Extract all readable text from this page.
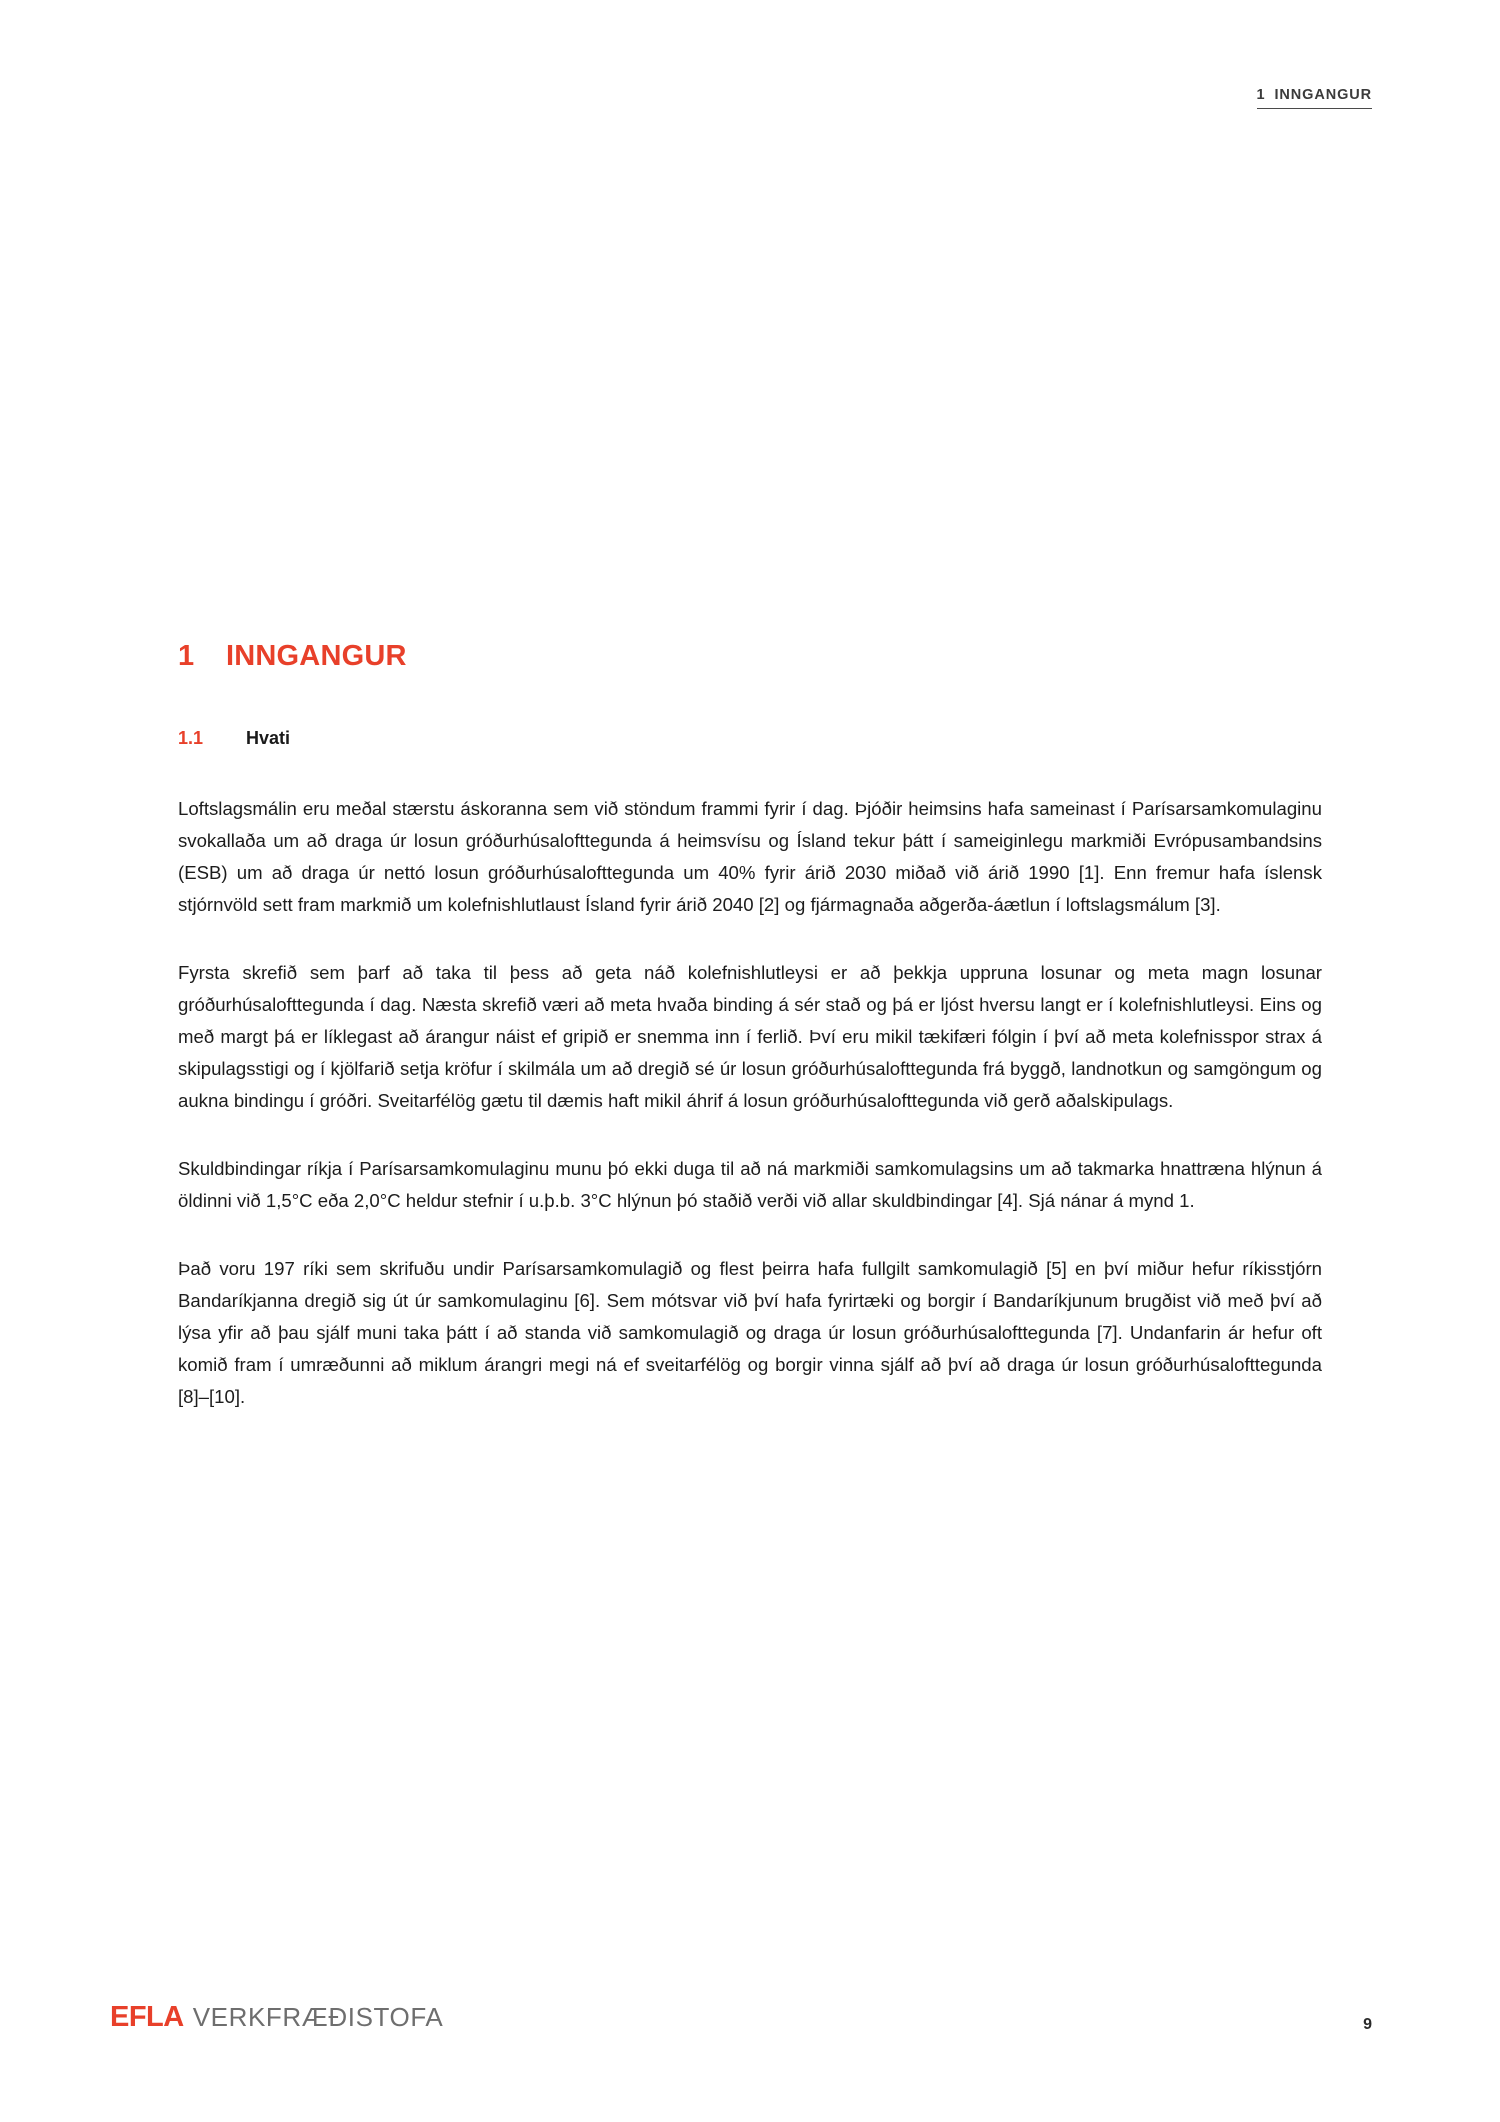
1 INNGANGUR
1	INNGANGUR
1.1	Hvati

Loftslagsmálin eru meðal stærstu áskoranna sem við stöndum frammi fyrir í dag. Þjóðir heimsins hafa sameinast í Parísarsamkomulaginu svokallaða um að draga úr losun gróðurhúsalofttegunda á heimsvísu og Ísland tekur þátt í sameiginlegu markmiði Evrópusambandsins (ESB) um að draga úr nettó losun gróðurhúsalofttegunda um 40% fyrir árið 2030 miðað við árið 1990 [1]. Enn fremur hafa íslensk stjórnvöld sett fram markmið um kolefnishlutlaust Ísland fyrir árið 2040 [2] og fjármagnaða aðgerða-áætlun í loftslagsmálum [3].

Fyrsta skrefið sem þarf að taka til þess að geta náð kolefnishlutleysi er að þekkja uppruna losunar og meta magn losunar gróðurhúsalofttegunda í dag. Næsta skrefið væri að meta hvaða binding á sér stað og þá er ljóst hversu langt er í kolefnishlutleysi. Eins og með margt þá er líklegast að árangur náist ef gripið er snemma inn í ferlið. Því eru mikil tækifæri fólgin í því að meta kolefnisspor strax á skipulagsstigi og í kjölfarið setja kröfur í skilmála um að dregið sé úr losun gróðurhúsalofttegunda frá byggð, landnotkun og samgöngum og aukna bindingu í gróðri. Sveitarfélög gætu til dæmis haft mikil áhrif á losun gróðurhúsalofttegunda við gerð aðalskipulags.

Skuldbindingar ríkja í Parísarsamkomulaginu munu þó ekki duga til að ná markmiði samkomulagsins um að takmarka hnattræna hlýnun á öldinni við 1,5°C eða 2,0°C heldur stefnir í u.þ.b. 3°C hlýnun þó staðið verði við allar skuldbindingar [4]. Sjá nánar á mynd 1.

Það voru 197 ríki sem skrifuðu undir Parísarsamkomulagið og flest þeirra hafa fullgilt samkomulagið [5] en því miður hefur ríkisstjórn Bandaríkjanna dregið sig út úr samkomulaginu [6]. Sem mótsvar við því hafa fyrirtæki og borgir í Bandaríkjunum brugðist við með því að lýsa yfir að þau sjálf muni taka þátt í að standa við samkomulagið og draga úr losun gróðurhúsalofttegunda [7]. Undanfarin ár hefur oft komið fram í umræðunni að miklum árangri megi ná ef sveitarfélög og borgir vinna sjálf að því að draga úr losun gróðurhúsalofttegunda [8]–[10].

EFLA VERKFRÆÐISTOFA	9
